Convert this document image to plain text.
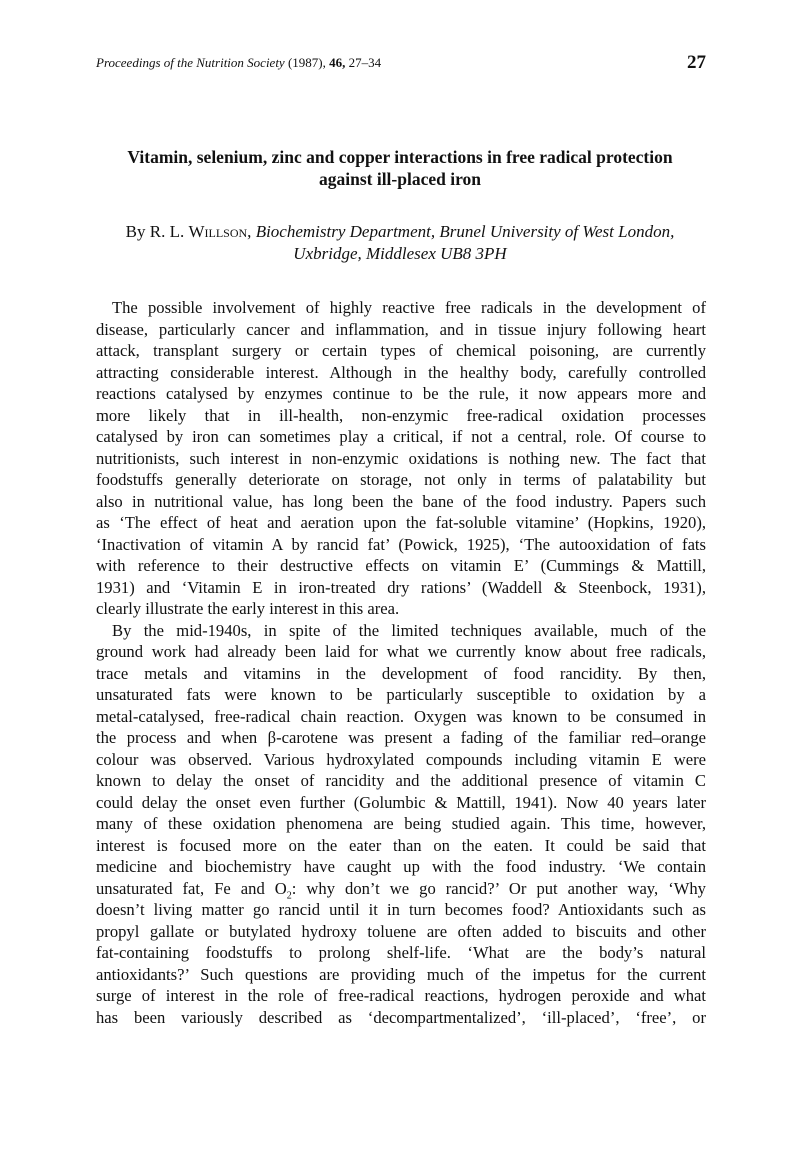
Proceedings of the Nutrition Society (1987), 46, 27–34	27
Vitamin, selenium, zinc and copper interactions in free radical protection
against ill-placed iron
By R. L. Willson, Biochemistry Department, Brunel University of West London,
Uxbridge, Middlesex UB8 3PH
The possible involvement of highly reactive free radicals in the development of
disease, particularly cancer and inflammation, and in tissue injury following heart
attack, transplant surgery or certain types of chemical poisoning, are currently
attracting considerable interest. Although in the healthy body, carefully controlled
reactions catalysed by enzymes continue to be the rule, it now appears more and
more likely that in ill-health, non-enzymic free-radical oxidation processes
catalysed by iron can sometimes play a critical, if not a central, role. Of course to
nutritionists, such interest in non-enzymic oxidations is nothing new. The fact that
foodstuffs generally deteriorate on storage, not only in terms of palatability but
also in nutritional value, has long been the bane of the food industry. Papers such
as ‘The effect of heat and aeration upon the fat-soluble vitamine’ (Hopkins, 1920),
‘Inactivation of vitamin A by rancid fat’ (Powick, 1925), ‘The autooxidation of fats
with reference to their destructive effects on vitamin E’ (Cummings & Mattill,
1931) and ‘Vitamin E in iron-treated dry rations’ (Waddell & Steenbock, 1931),
clearly illustrate the early interest in this area.
By the mid-1940s, in spite of the limited techniques available, much of the
ground work had already been laid for what we currently know about free radicals,
trace metals and vitamins in the development of food rancidity. By then,
unsaturated fats were known to be particularly susceptible to oxidation by a
metal-catalysed, free-radical chain reaction. Oxygen was known to be consumed in
the process and when β-carotene was present a fading of the familiar red–orange
colour was observed. Various hydroxylated compounds including vitamin E were
known to delay the onset of rancidity and the additional presence of vitamin C
could delay the onset even further (Golumbic & Mattill, 1941). Now 40 years later
many of these oxidation phenomena are being studied again. This time, however,
interest is focused more on the eater than on the eaten. It could be said that
medicine and biochemistry have caught up with the food industry. ‘We contain
unsaturated fat, Fe and $O_2$: why don’t we go rancid?’ Or put another way, ‘Why
doesn’t living matter go rancid until it in turn becomes food? Antioxidants such as
propyl gallate or butylated hydroxy toluene are often added to biscuits and other
fat-containing foodstuffs to prolong shelf-life. ‘What are the body’s natural
antioxidants?’ Such questions are providing much of the impetus for the current
surge of interest in the role of free-radical reactions, hydrogen peroxide and what
has been variously described as ‘decompartmentalized’, ‘ill-placed’, ‘free’, or
